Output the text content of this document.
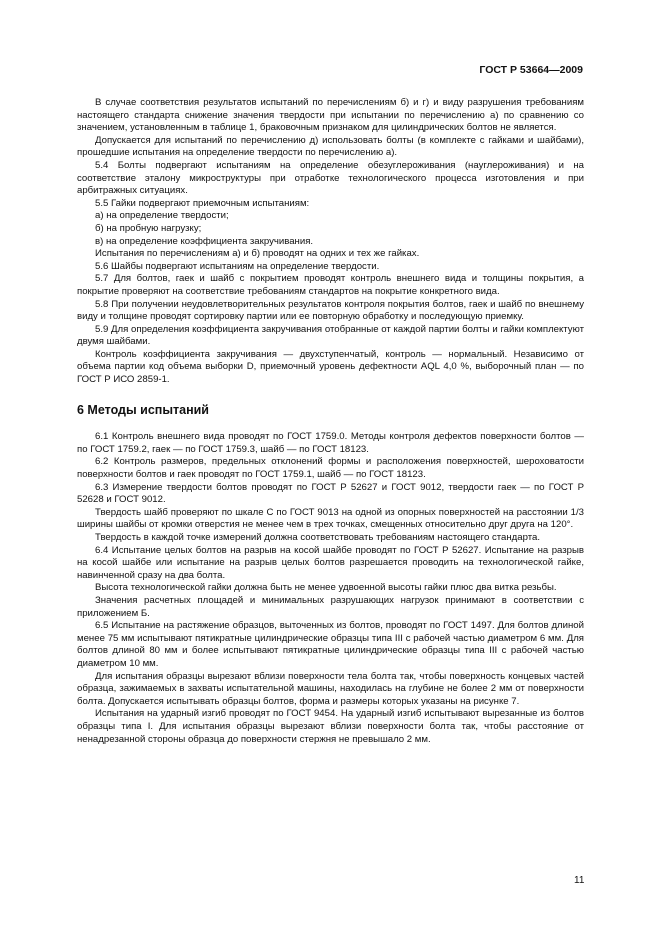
ГОСТ Р 53664—2009

В случае соответствия результатов испытаний по перечислениям б) и г) и виду разрушения требованиям настоящего стандарта снижение значения твердости при испытании по перечислению а) по сравнению со значением, установленным в таблице 1, браковочным признаком для цилиндрических болтов не является.

Допускается для испытаний по перечислению д) использовать болты (в комплекте с гайками и шайбами), прошедшие испытания на определение твердости по перечислению а).

5.4 Болты подвергают испытаниям на определение обезуглероживания (науглероживания) и на соответствие эталону микроструктуры при отработке технологического процесса изготовления и при арбитражных ситуациях.

5.5 Гайки подвергают приемочным испытаниям:

а) на определение твердости;

б) на пробную нагрузку;

в) на определение коэффициента закручивания.

Испытания по перечислениям а) и б) проводят на одних и тех же гайках.

5.6 Шайбы подвергают испытаниям на определение твердости.

5.7 Для болтов, гаек и шайб с покрытием проводят контроль внешнего вида и толщины покрытия, а покрытие проверяют на соответствие требованиям стандартов на покрытие конкретного вида.

5.8 При получении неудовлетворительных результатов контроля покрытия болтов, гаек и шайб по внешнему виду и толщине проводят сортировку партии или ее повторную обработку и последующую приемку.

5.9 Для определения коэффициента закручивания отобранные от каждой партии болты и гайки комплектуют двумя шайбами.

Контроль коэффициента закручивания — двухступенчатый, контроль — нормальный. Независимо от объема партии код объема выборки D, приемочный уровень дефектности AQL 4,0 %, выборочный план — по ГОСТ Р ИСО 2859-1.

6 Методы испытаний

6.1 Контроль внешнего вида проводят по ГОСТ 1759.0. Методы контроля дефектов поверхности болтов — по ГОСТ 1759.2, гаек — по ГОСТ 1759.3, шайб — по ГОСТ 18123.

6.2 Контроль размеров, предельных отклонений формы и расположения поверхностей, шероховатости поверхности болтов и гаек проводят по ГОСТ 1759.1, шайб — по ГОСТ 18123.

6.3 Измерение твердости болтов проводят по ГОСТ Р 52627 и ГОСТ 9012, твердости гаек — по ГОСТ Р 52628 и ГОСТ 9012.

Твердость шайб проверяют по шкале С по ГОСТ 9013 на одной из опорных поверхностей на расстоянии 1/3 ширины шайбы от кромки отверстия не менее чем в трех точках, смещенных относительно друг друга на 120°.

Твердость в каждой точке измерений должна соответствовать требованиям настоящего стандарта.

6.4 Испытание целых болтов на разрыв на косой шайбе проводят по ГОСТ Р 52627. Испытание на разрыв на косой шайбе или испытание на разрыв целых болтов разрешается проводить на технологической гайке, навинченной сразу на два болта.

Высота технологической гайки должна быть не менее удвоенной высоты гайки плюс два витка резьбы.

Значения расчетных площадей и минимальных разрушающих нагрузок принимают в соответствии с приложением Б.

6.5 Испытание на растяжение образцов, выточенных из болтов, проводят по ГОСТ 1497. Для болтов длиной менее 75 мм испытывают пятикратные цилиндрические образцы типа III с рабочей частью диаметром 6 мм. Для болтов длиной 80 мм и более испытывают пятикратные цилиндрические образцы типа III с рабочей частью диаметром 10 мм.

Для испытания образцы вырезают вблизи поверхности тела болта так, чтобы поверхность концевых частей образца, зажимаемых в захваты испытательной машины, находилась на глубине не более 2 мм от поверхности болта. Допускается испытывать образцы болтов, форма и размеры которых указаны на рисунке 7.

Испытания на ударный изгиб проводят по ГОСТ 9454. На ударный изгиб испытывают вырезанные из болтов образцы типа I. Для испытания образцы вырезают вблизи поверхности болта так, чтобы расстояние от ненадрезанной стороны образца до поверхности стержня не превышало 2 мм.

11
